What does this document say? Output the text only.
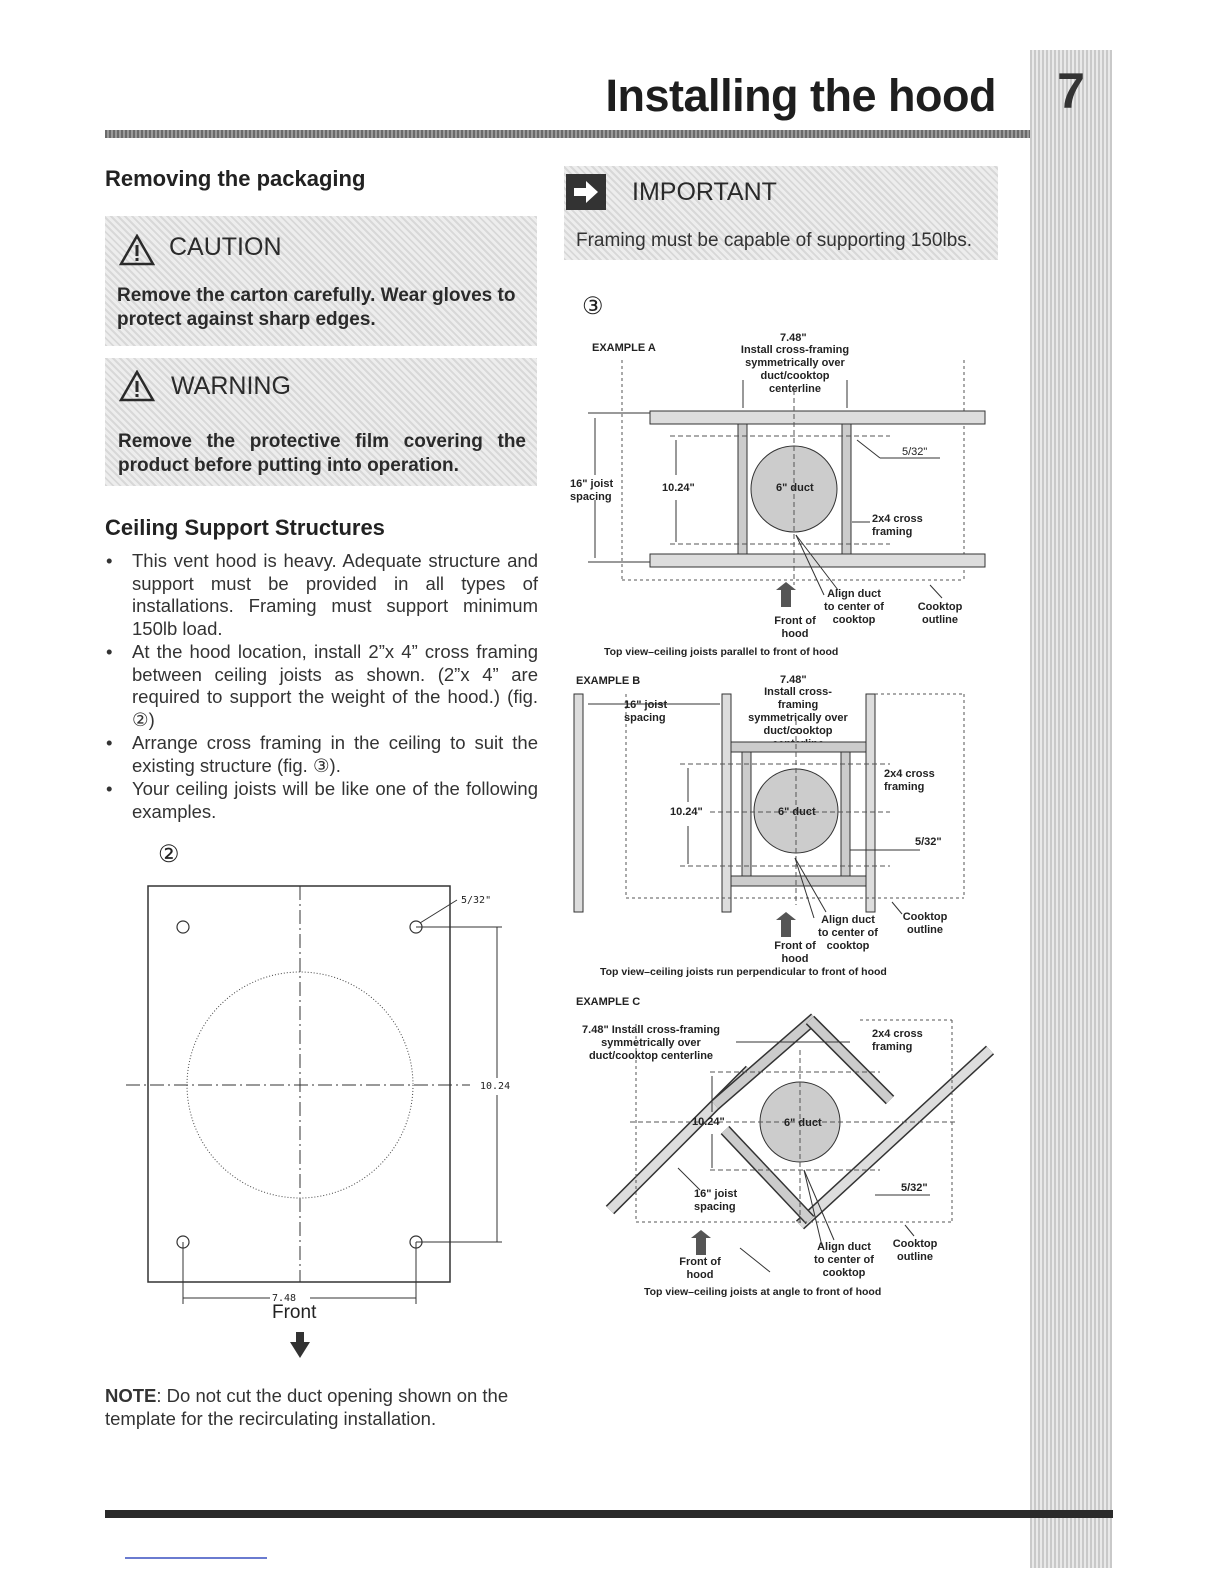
Installing the hood	7
Removing the packaging
CAUTION
Remove the carton carefully. Wear gloves to protect against sharp edges.
WARNING
Remove the protective film covering the product before putting into operation.
Ceiling Support Structures
• This vent hood is heavy. Adequate structure and support must be provided in all types of installations. Framing must support minimum 150lb load.
• At the hood location, install 2”x 4” cross framing between ceiling joists as shown. (2”x 4” are required to support the weight of the hood.) (fig. ②)
• Arrange cross framing in the ceiling to suit the existing structure (fig. ③).
• Your ceiling joists will be like one of the following examples.
②
5/32"
10.24
7.48
Front
NOTE: Do not cut the duct opening shown on the template for the recirculating installation.
IMPORTANT
Framing must be capable of supporting 150lbs.
③
EXAMPLE A
7.48"
Install cross-framing symmetrically over duct/cooktop centerline
16" joist spacing
10.24"	6" duct
5/32"
2x4 cross framing
Align duct to center of cooktop
Front of hood
Cooktop outline
Top view–ceiling joists parallel to front of hood
EXAMPLE B	7.48"
Install cross-framing symmetrically over duct/cooktop
16" joist spacing
10.24"	6" duct
5/32"
2x4 cross framing
Align duct to center of cooktop
Front of hood
Cooktop outline
Top view–ceiling joists run perpendicular to front of hood
EXAMPLE C
7.48" Install cross-framing symmetrically over duct/cooktop centerline
10.24"	6" duct
5/32"
2x4 cross framing
16" joist spacing
Align duct to center of cooktop
Front of hood
Cooktop outline
Top view–ceiling joists at angle to front of hood
